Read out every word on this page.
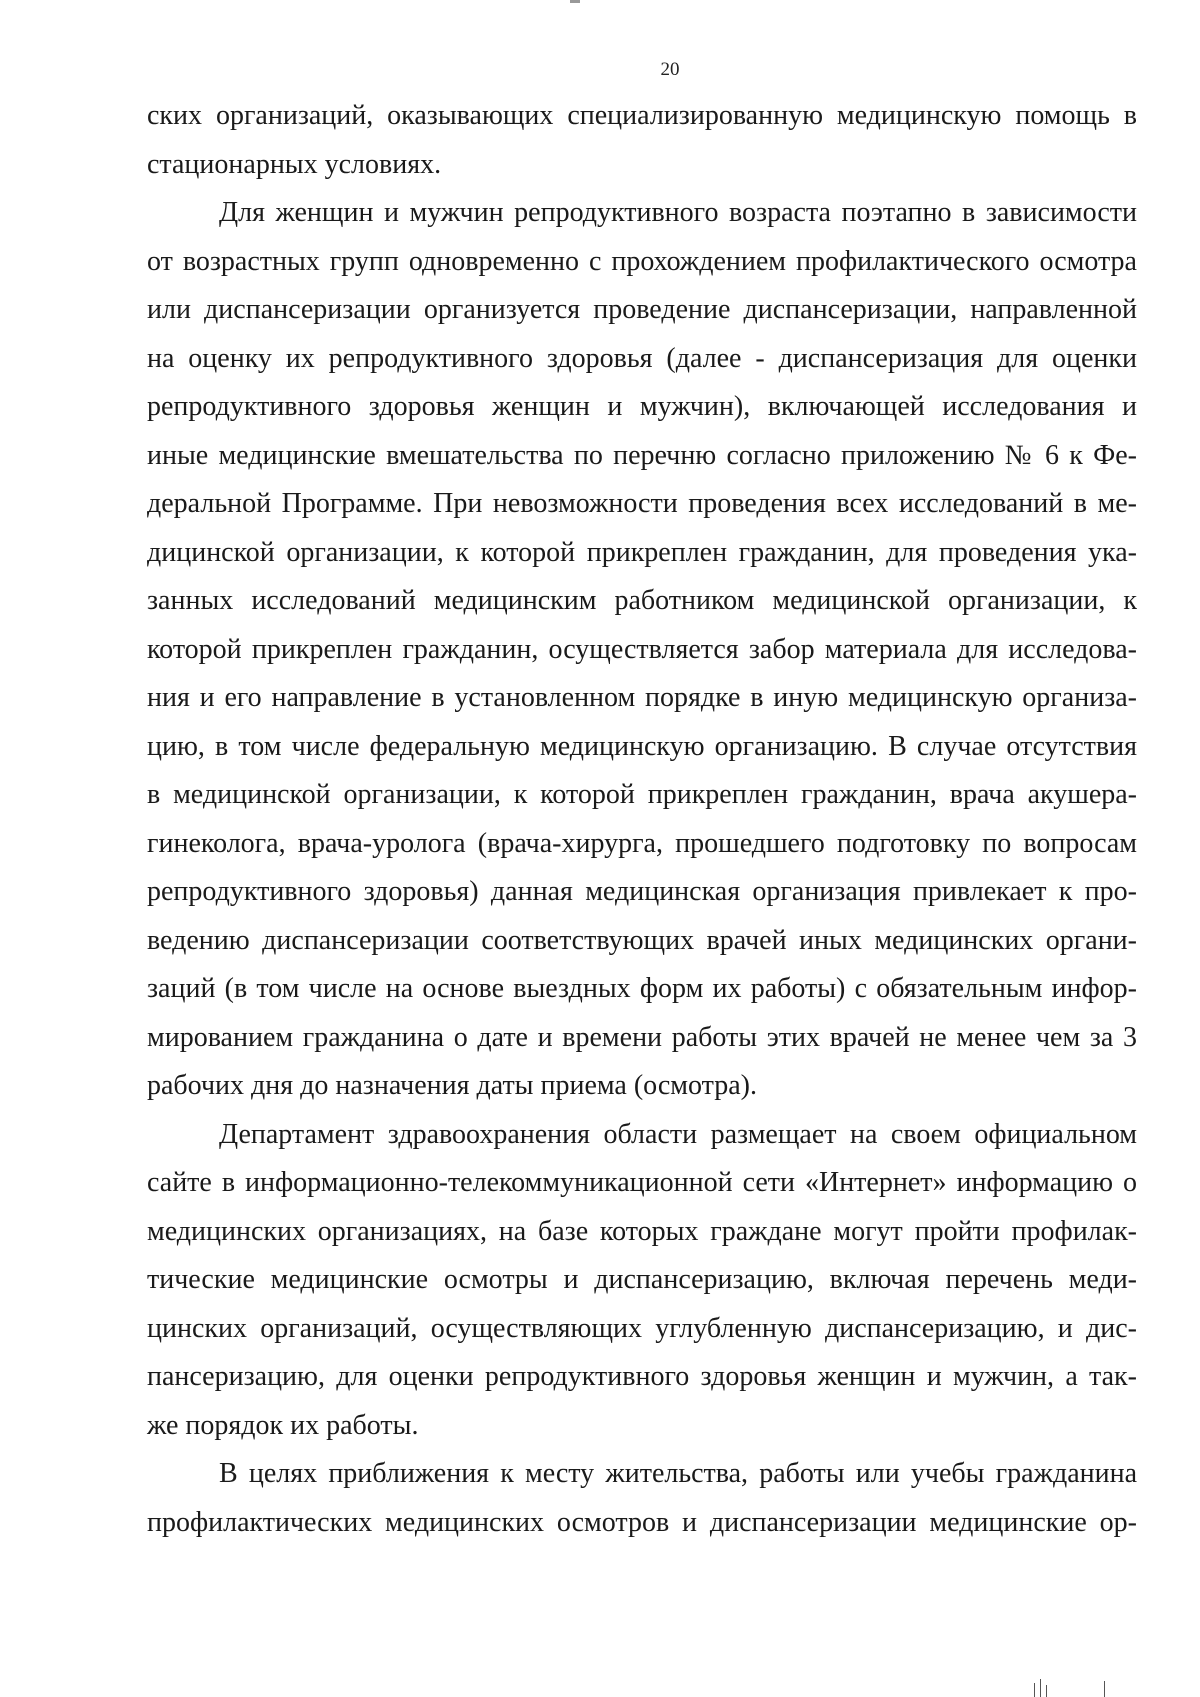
20

ских организаций, оказывающих специализированную медицинскую помощь в
стационарных условиях.

Для женщин и мужчин репродуктивного возраста поэтапно в зависимости
от возрастных групп одновременно с прохождением профилактического осмотра
или диспансеризации организуется проведение диспансеризации, направленной
на оценку их репродуктивного здоровья (далее - диспансеризация для оценки
репродуктивного здоровья женщин и мужчин), включающей исследования и
иные медицинские вмешательства по перечню согласно приложению № 6 к Фе-
деральной Программе. При невозможности проведения всех исследований в ме-
дицинской организации, к которой прикреплен гражданин, для проведения ука-
занных исследований медицинским работником медицинской организации, к
которой прикреплен гражданин, осуществляется забор материала для исследова-
ния и его направление в установленном порядке в иную медицинскую организа-
цию, в том числе федеральную медицинскую организацию. В случае отсутствия
в медицинской организации, к которой прикреплен гражданин, врача акушера-
гинеколога, врача-уролога (врача-хирурга, прошедшего подготовку по вопросам
репродуктивного здоровья) данная медицинская организация привлекает к про-
ведению диспансеризации соответствующих врачей иных медицинских органи-
заций (в том числе на основе выездных форм их работы) с обязательным инфор-
мированием гражданина о дате и времени работы этих врачей не менее чем за 3
рабочих дня до назначения даты приема (осмотра).

Департамент здравоохранения области размещает на своем официальном
сайте в информационно-телекоммуникационной сети «Интернет» информацию о
медицинских организациях, на базе которых граждане могут пройти профилак-
тические медицинские осмотры и диспансеризацию, включая перечень меди-
цинских организаций, осуществляющих углубленную диспансеризацию, и дис-
пансеризацию, для оценки репродуктивного здоровья женщин и мужчин, а так-
же порядок их работы.

В целях приближения к месту жительства, работы или учебы гражданина
профилактических медицинских осмотров и диспансеризации медицинские ор-
